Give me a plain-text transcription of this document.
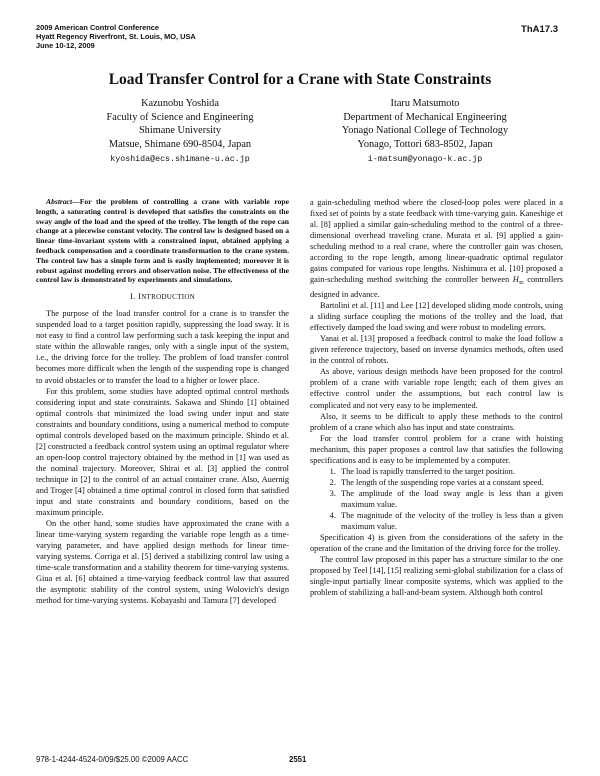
2009 American Control Conference
Hyatt Regency Riverfront, St. Louis, MO, USA
June 10-12, 2009
ThA17.3
Load Transfer Control for a Crane with State Constraints
Kazunobu Yoshida
Faculty of Science and Engineering
Shimane University
Matsue, Shimane 690-8504, Japan
kyoshida@ecs.shimane-u.ac.jp
Itaru Matsumoto
Department of Mechanical Engineering
Yonago National College of Technology
Yonago, Tottori 683-8502, Japan
i-matsum@yonago-k.ac.jp

Abstract—For the problem of controlling a crane with variable rope length, a saturating control is developed that satisfies the constraints on the sway angle of the load and the speed of the trolley. The length of the rope can change at a piecewise constant velocity. The control law is designed based on a linear time-invariant system with a constrained input, obtained applying a feedback compensation and a coordinate transformation to the crane system. The control law has a simple form and is easily implemented; moreover it is robust against modeling errors and observation noise. The effectiveness of the control law is demonstrated by experiments and simulations.

I. INTRODUCTION

The purpose of the load transfer control for a crane is to transfer the suspended load to a target position rapidly, suppressing the load sway. It is not easy to find a control law performing such a task keeping the input and state within the allowable ranges, only with a single input of the system, i.e., the driving force for the trolley. The problem of load transfer control becomes more difficult when the length of the suspending rope is changed to avoid obstacles or to transfer the load to a higher or lower place.

For this problem, some studies have adopted optimal control methods considering input and state constraints. Sakawa and Shindo [1] obtained optimal controls that minimized the load swing under input and state constraints and boundary conditions, using a numerical method to compute optimal controls developed based on the maximum principle. Shindo et al. [2] constructed a feedback control system using an optimal regulator where an open-loop control trajectory obtained by the method in [1] was used as the nominal trajectory. Moreover, Shirai et al. [3] applied the control technique in [2] to the control of an actual container crane. Also, Auernig and Troger [4] obtained a time optimal control in closed form that satisfied input and state constraints and boundary conditions, based on the maximum principle.

On the other hand, some studies have approximated the crane with a linear time-varying system regarding the variable rope length as a time-varying parameter, and have applied design methods for linear time-varying systems. Corriga et al. [5] derived a stabilizing control law using a time-scale transformation and a stability theorem for time-varying systems. Giua et al. [6] obtained a time-varying feedback control law that assured the asymptotic stability of the control system, using Wolovich's design method for time-varying systems. Kobayashi and Tamura [7] developed

a gain-scheduling method where the closed-loop poles were placed in a fixed set of points by a state feedback with time-varying gain. Kaneshige et al. [8] applied a similar gain-scheduling method to the control of a three-dimensional overhead traveling crane. Murata et al. [9] applied a gain-scheduling method to a real crane, where the controller gain was chosen, according to the rope length, among linear-quadratic optimal regulator gains computed for various rope lengths. Nishimura et al. [10] proposed a gain-scheduling method switching the controller between $H_\infty$ controllers designed in advance.

Bartolini et al. [11] and Lee [12] developed sliding mode controls, using a sliding surface coupling the motions of the trolley and the load, that effectively damped the load swing and were robust to modeling errors.

Yanai et al. [13] proposed a feedback control to make the load follow a given reference trajectory, based on inverse dynamics methods, often used in the control of robots.

As above, various design methods have been proposed for the control problem of a crane with variable rope length; each of them gives an effective control under the assumptions, but each control law is complicated and not very easy to be implemented.

Also, it seems to be difficult to apply these methods to the control problem of a crane which also has input and state constraints.

For the load transfer control problem for a crane with hoisting mechanism, this paper proposes a control law that satisfies the following specifications and is easy to be implemented by a computer.

1. The load is rapidly transferred to the target position.
2. The length of the suspending rope varies at a constant speed.
3. The amplitude of the load sway angle is less than a given maximum value.
4. The magnitude of the velocity of the trolley is less than a given maximum value.

Specification 4) is given from the considerations of the safety in the operation of the crane and the limitation of the driving force for the trolley.

The control law proposed in this paper has a structure similar to the one proposed by Teel [14], [15] realizing semi-global stabilization for a class of single-input partially linear composite systems, which was applied to the problem of stabilizing a ball-and-beam system. Although both control

978-1-4244-4524-0/09/$25.00 ©2009 AACC	2551
